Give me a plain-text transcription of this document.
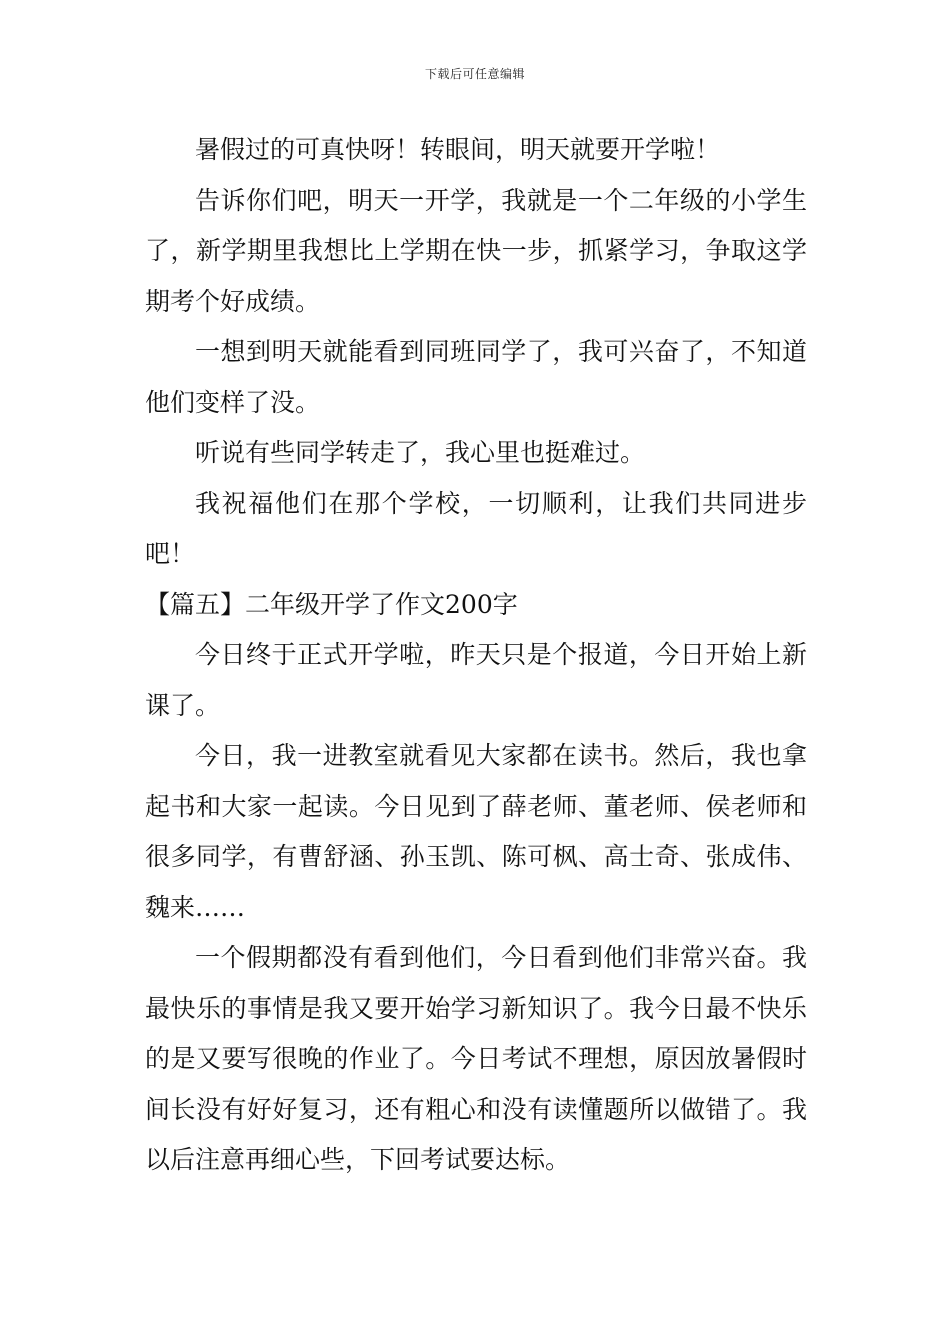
下载后可任意编辑

暑假过的可真快呀！转眼间，明天就要开学啦！

告诉你们吧，明天一开学，我就是一个二年级的小学生了，新学期里我想比上学期在快一步，抓紧学习，争取这学期考个好成绩。

一想到明天就能看到同班同学了，我可兴奋了，不知道他们变样了没。

听说有些同学转走了，我心里也挺难过。

我祝福他们在那个学校，一切顺利，让我们共同进步吧！

【篇五】二年级开学了作文200字

今日终于正式开学啦，昨天只是个报道，今日开始上新课了。

今日，我一进教室就看见大家都在读书。然后，我也拿起书和大家一起读。今日见到了薛老师、董老师、侯老师和很多同学，有曹舒涵、孙玉凯、陈可枫、高士奇、张成伟、魏来……

一个假期都没有看到他们，今日看到他们非常兴奋。我最快乐的事情是我又要开始学习新知识了。我今日最不快乐的是又要写很晚的作业了。今日考试不理想，原因放暑假时间长没有好好复习，还有粗心和没有读懂题所以做错了。我以后注意再细心些，下回考试要达标。
